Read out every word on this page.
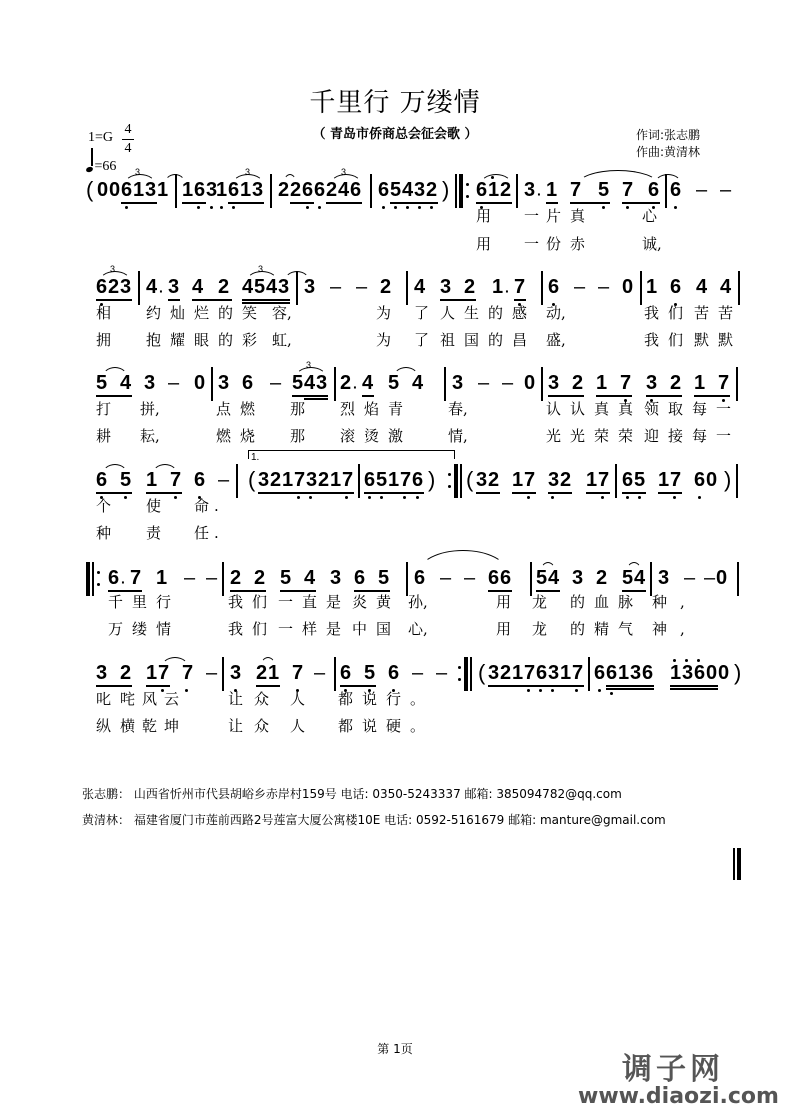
千里行 万缕情
（ 青岛市侨商总会征会歌 ）	作词:张志鹏
作曲:黄清林
1=G
4
4
=66
( 0 0 6 1 3 1
3
1 6 3
1 6 1 3
3
2 2 6 6 2 4 6
3
6 5 4 3 2 ) 6 1 2 3 · 1 7 5 7 6 6 – –
用 一 片 真	心
用 一 份 赤	诚,
6 2 3
3
4 · 3 4 2 4 5 4 3
3
3 – – 2 4 3 2 1 · 7 6 – – 0 1 6 4 4
相 约 灿 烂 的 笑 容,	为 了 人 生 的 感 动,	我 们 苦 苦
拥 抱 耀 眼 的 彩 虹,	为 了 祖 国 的 昌 盛,	我 们 默 默
5 4 3 – 0 3 6 – 5 4 3
3
2 · 4 5 4 3 – – 0 3 2 1 7 3 2 1 7
打 拼,	点 燃 那 烈 焰 青	春,	认 认 真 真 领 取 每 一
耕 耘,	燃 烧 那 滚 烫 激	情,	光 光 荣 荣 迎 接 每 一
6 5 1 7 6 –
1.
( 3 2 1 7 3 2 1 7 6 5 1 7 6 ) ( 3 2 1 7 3 2 1 7 6 5 1 7 6 0 )
个 使 命 .
种 责 任 .
6 · 7 1 – – 2 2 5 4 3 6 5 6 – – 6 6 5 4 3 2 5 4 3 – – 0
千 里 行	我 们 一 直 是 炎 黄 孙,	用 龙 的 血 脉 种 ,
万 缕 情	我 们 一 样 是 中 国 心,	用 龙 的 精 气 神 ,
3 2 1 7 7 – 3 2 1 7 – 6 5 6 – – ( 3 2 1 7 6 3 1 7 6 6 1 3 6 1 3 6 0 0 )
叱 咤 风 云	让 众 人 都 说 行 。
纵 横 乾 坤	让 众 人 都 说 硬 。
张志鹏： 山西省忻州市代县胡峪乡赤岸村159号 电话: 0350-5243337 邮箱: 385094782@qq.com
黄清林： 福建省厦门市莲前西路2号莲富大厦公寓楼10E 电话: 0592-5161679 邮箱: manture@gmail.com
第 1页
调子网
www.diaozi.com
